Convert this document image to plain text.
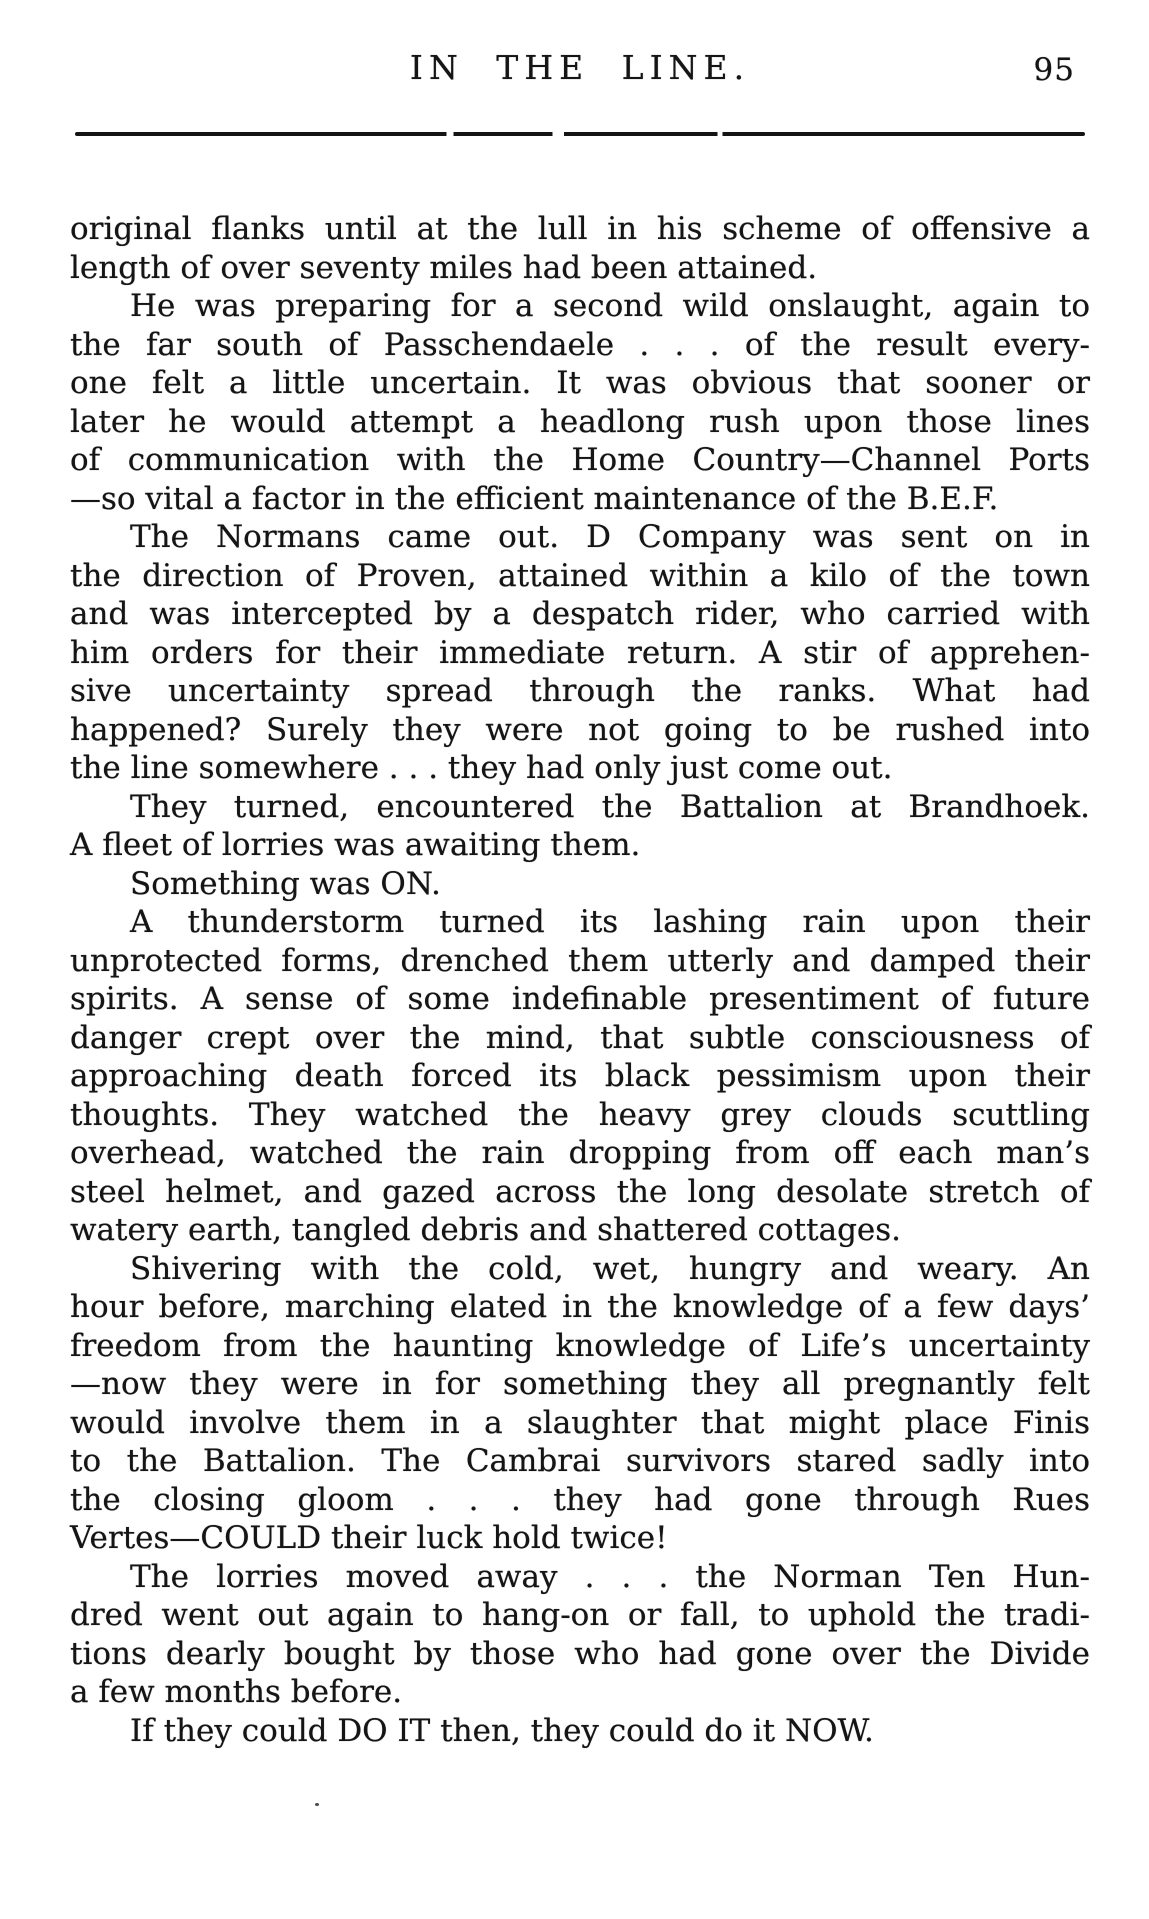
IN THE LINE.	95
original flanks until at the lull in his scheme of offensive a
length of over seventy miles had been attained.
He was preparing for a second wild onslaught, again to
the far south of Passchendaele . . . of the result every-
one felt a little uncertain. It was obvious that sooner or
later he would attempt a headlong rush upon those lines
of communication with the Home Country—Channel Ports
—so vital a factor in the efficient maintenance of the B.E.F.
The Normans came out. D Company was sent on in
the direction of Proven, attained within a kilo of the town
and was intercepted by a despatch rider, who carried with
him orders for their immediate return. A stir of apprehen-
sive uncertainty spread through the ranks. What had
happened? Surely they were not going to be rushed into
the line somewhere . . . they had only just come out.
They turned, encountered the Battalion at Brandhoek.
A fleet of lorries was awaiting them.
Something was ON.
A thunderstorm turned its lashing rain upon their
unprotected forms, drenched them utterly and damped their
spirits. A sense of some indefinable presentiment of future
danger crept over the mind, that subtle consciousness of
approaching death forced its black pessimism upon their
thoughts. They watched the heavy grey clouds scuttling
overhead, watched the rain dropping from off each man’s
steel helmet, and gazed across the long desolate stretch of
watery earth, tangled debris and shattered cottages.
Shivering with the cold, wet, hungry and weary. An
hour before, marching elated in the knowledge of a few days’
freedom from the haunting knowledge of Life’s uncertainty
—now they were in for something they all pregnantly felt
would involve them in a slaughter that might place Finis
to the Battalion. The Cambrai survivors stared sadly into
the closing gloom . . . they had gone through Rues
Vertes—COULD their luck hold twice!
The lorries moved away . . . the Norman Ten Hun-
dred went out again to hang-on or fall, to uphold the tradi-
tions dearly bought by those who had gone over the Divide
a few months before.
If they could DO IT then, they could do it NOW.
